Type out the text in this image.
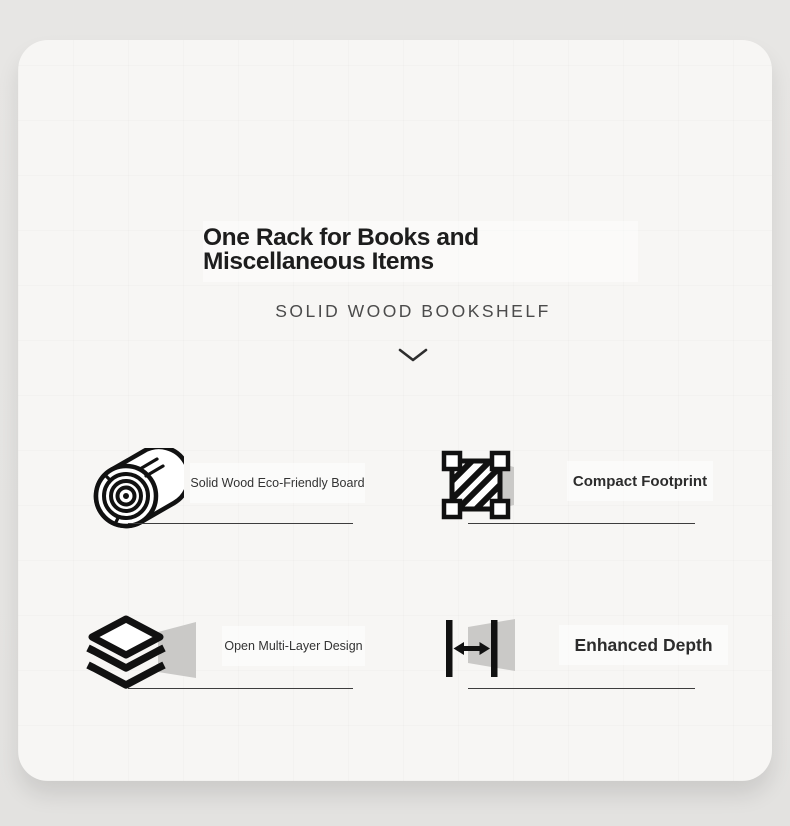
One Rack for Books and Miscellaneous Items
SOLID WOOD BOOKSHELF
Solid Wood Eco-Friendly Board	Compact Footprint
Open Multi-Layer Design	Enhanced Depth
